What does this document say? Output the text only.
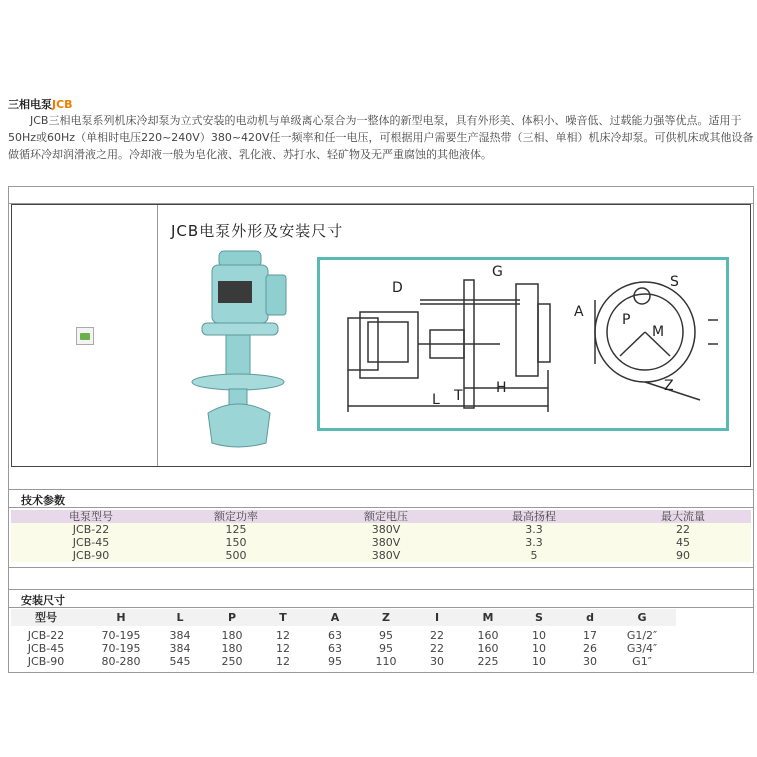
三相电泵JCB
JCB三相电泵系列机床冷却泵为立式安装的电动机与单级离心泵合为一整体的新型电泵，具有外形美、体积小、噪音低、过载能力强等优点。适用于50Hz或60Hz（单相时电压220~240V）380~420V任一频率和任一电压，可根据用户需要生产湿热带（三相、单相）机床冷却泵。可供机床或其他设备做循环冷却润滑液之用。冷却液一般为皂化液、乳化液、苏打水、轻矿物及无严重腐蚀的其他液体。
JCB电泵外形及安装尺寸
G
D
A
S
P
M
Z
L T H
技术参数
电泵型号	额定功率	额定电压	最高扬程	最大流量
JCB-22	125	380V	3.3	22
JCB-45	150	380V	3.3	45
JCB-90	500	380V	5	90
安装尺寸
型号	H	L	P	T	A	Z	I	M	S	d	G
JCB-22	70-195	384	180	12	63	95	22	160	10	17	G1/2″
JCB-45	70-195	384	180	12	63	95	22	160	10	26	G3/4″
JCB-90	80-280	545	250	12	95	110	30	225	10	30	G1″
